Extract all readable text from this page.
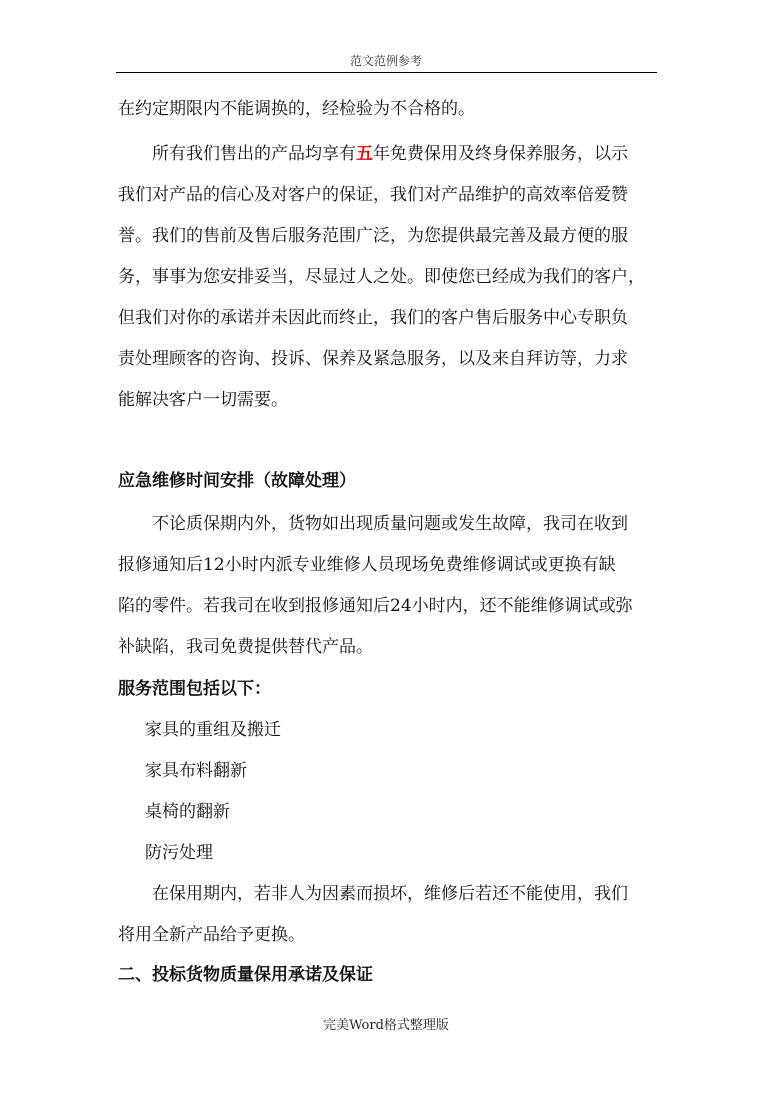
范文范例参考
在约定期限内不能调换的，经检验为不合格的。
所有我们售出的产品均享有五年免费保用及终身保养服务，以示
我们对产品的信心及对客户的保证，我们对产品维护的高效率倍爱赞
誉。我们的售前及售后服务范围广泛，为您提供最完善及最方便的服
务，事事为您安排妥当，尽显过人之处。即使您已经成为我们的客户，
但我们对你的承诺并未因此而终止，我们的客户售后服务中心专职负
责处理顾客的咨询、投诉、保养及紧急服务，以及来自拜访等，力求
能解决客户一切需要。
应急维修时间安排（故障处理）
不论质保期内外，货物如出现质量问题或发生故障，我司在收到
报修通知后12小时内派专业维修人员现场免费维修调试或更换有缺
陷的零件。若我司在收到报修通知后24小时内，还不能维修调试或弥
补缺陷，我司免费提供替代产品。
服务范围包括以下：
家具的重组及搬迁
家具布料翻新
桌椅的翻新
防污处理
在保用期内，若非人为因素而损坏，维修后若还不能使用，我们
将用全新产品给予更换。
二、投标货物质量保用承诺及保证
完美Word格式整理版
